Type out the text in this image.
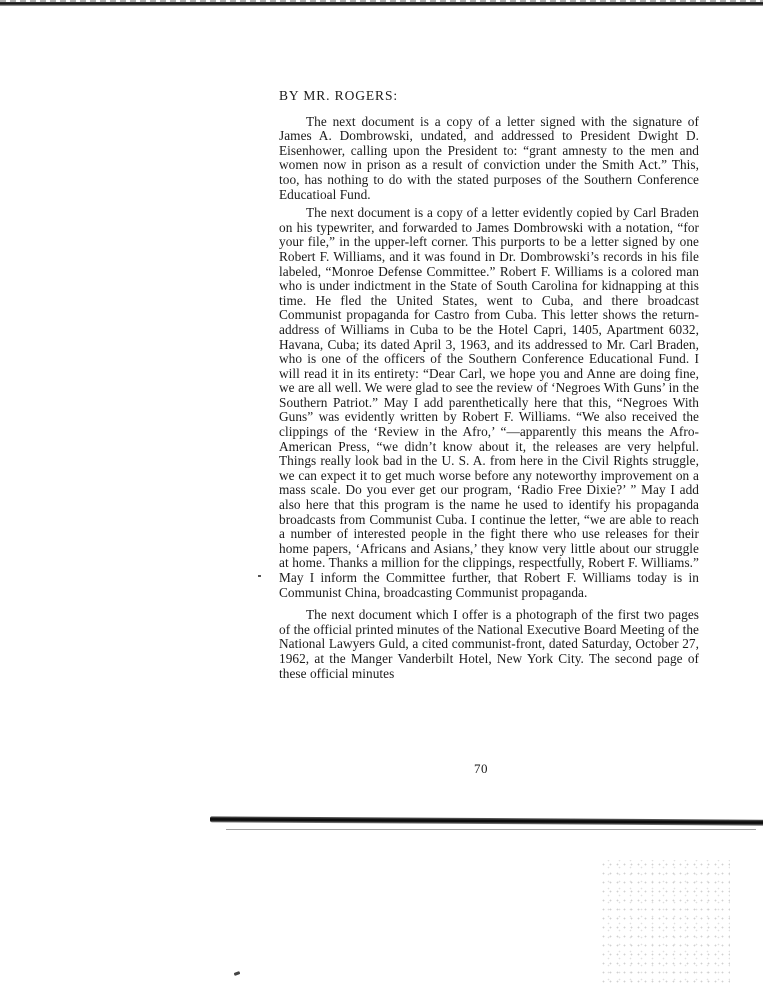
BY MR. ROGERS:

The next document is a copy of a letter signed with the signature of James A. Dombrowski, undated, and addressed to President Dwight D. Eisenhower, calling upon the President to: “grant amnesty to the men and women now in prison as a result of conviction under the Smith Act.” This, too, has nothing to do with the stated purposes of the Southern Conference Educatioal Fund.

The next document is a copy of a letter evidently copied by Carl Braden on his typewriter, and forwarded to James Dombrowski with a notation, “for your file,” in the upper-left corner. This purports to be a letter signed by one Robert F. Williams, and it was found in Dr. Dombrowski’s records in his file labeled, “Monroe Defense Committee.” Robert F. Williams is a colored man who is under indictment in the State of South Carolina for kidnapping at this time. He fled the United States, went to Cuba, and there broadcast Communist propaganda for Castro from Cuba. This letter shows the return-address of Williams in Cuba to be the Hotel Capri, 1405, Apartment 6032, Havana, Cuba; its dated April 3, 1963, and its addressed to Mr. Carl Braden, who is one of the officers of the Southern Conference Educational Fund. I will read it in its entirety: “Dear Carl, we hope you and Anne are doing fine, we are all well. We were glad to see the review of ‘Negroes With Guns’ in the Southern Patriot.” May I add parenthetically here that this, “Negroes With Guns” was evidently written by Robert F. Williams. “We also received the clippings of the ‘Review in the Afro,’ “—apparently this means the Afro-American Press, “we didn’t know about it, the releases are very helpful. Things really look bad in the U. S. A. from here in the Civil Rights struggle, we can expect it to get much worse before any noteworthy improvement on a mass scale. Do you ever get our program, ‘Radio Free Dixie?’ ” May I add also here that this program is the name he used to identify his propaganda broadcasts from Communist Cuba. I continue the letter, “we are able to reach a number of interested people in the fight there who use releases for their home papers, ‘Africans and Asians,’ they know very little about our struggle at home. Thanks a million for the clippings, respectfully, Robert F. Williams.” May I inform the Committee further, that Robert F. Williams today is in Communist China, broadcasting Communist propaganda.

The next document which I offer is a photograph of the first two pages of the official printed minutes of the National Executive Board Meeting of the National Lawyers Guld, a cited communist-front, dated Saturday, October 27, 1962, at the Manger Vanderbilt Hotel, New York City. The second page of these official minutes

70
